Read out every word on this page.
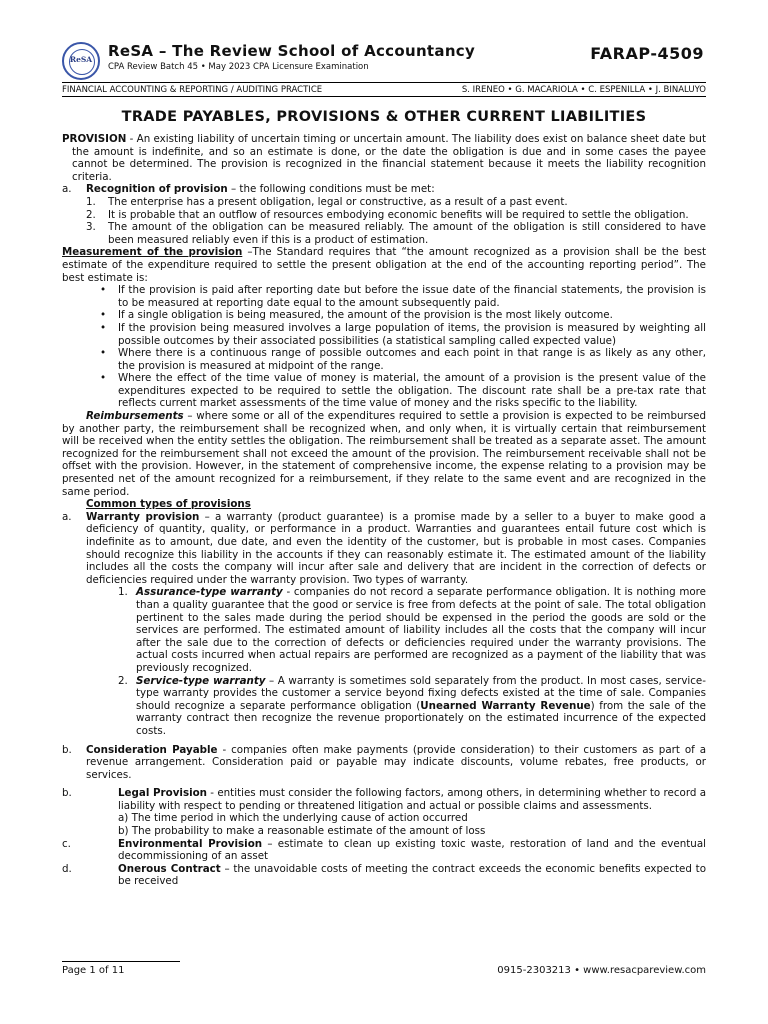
ReSA	ReSA – The Review School of Accountancy
CPA Review Batch 45 • May 2023 CPA Licensure Examination
FARAP-4509
FINANCIAL ACCOUNTING & REPORTING / AUDITING PRACTICE	S. IRENEO • G. MACARIOLA • C. ESPENILLA • J. BINALUYO
TRADE PAYABLES, PROVISIONS & OTHER CURRENT LIABILITIES

PROVISION - An existing liability of uncertain timing or uncertain amount. The liability does exist on balance sheet date but the amount is indefinite, and so an estimate is done, or the date the obligation is due and in some cases the payee cannot be determined. The provision is recognized in the financial statement because it meets the liability recognition criteria.

a.	Recognition of provision – the following conditions must be met:
1.	The enterprise has a present obligation, legal or constructive, as a result of a past event.
2.	It is probable that an outflow of resources embodying economic benefits will be required to settle the obligation.
3.	The amount of the obligation can be measured reliably. The amount of the obligation is still considered to have been measured reliably even if this is a product of estimation.

Measurement of the provision –The Standard requires that “the amount recognized as a provision shall be the best estimate of the expenditure required to settle the present obligation at the end of the accounting reporting period”. The best estimate is:

•	If the provision is paid after reporting date but before the issue date of the financial statements, the provision is to be measured at reporting date equal to the amount subsequently paid.
•	If a single obligation is being measured, the amount of the provision is the most likely outcome.
•	If the provision being measured involves a large population of items, the provision is measured by weighting all possible outcomes by their associated possibilities (a statistical sampling called expected value)
•	Where there is a continuous range of possible outcomes and each point in that range is as likely as any other, the provision is measured at midpoint of the range.
•	Where the effect of the time value of money is material, the amount of a provision is the present value of the expenditures expected to be required to settle the obligation. The discount rate shall be a pre-tax rate that reflects current market assessments of the time value of money and the risks specific to the liability.

Reimbursements – where some or all of the expenditures required to settle a provision is expected to be reimbursed by another party, the reimbursement shall be recognized when, and only when, it is virtually certain that reimbursement will be received when the entity settles the obligation. The reimbursement shall be treated as a separate asset. The amount recognized for the reimbursement shall not exceed the amount of the provision. The reimbursement receivable shall not be offset with the provision. However, in the statement of comprehensive income, the expense relating to a provision may be presented net of the amount recognized for a reimbursement, if they relate to the same event and are recognized in the same period.

Common types of provisions

a.	Warranty provision – a warranty (product guarantee) is a promise made by a seller to a buyer to make good a deficiency of quantity, quality, or performance in a product. Warranties and guarantees entail future cost which is indefinite as to amount, due date, and even the identity of the customer, but is probable in most cases. Companies should recognize this liability in the accounts if they can reasonably estimate it. The estimated amount of the liability includes all the costs the company will incur after sale and delivery that are incident in the correction of defects or deficiencies required under the warranty provision. Two types of warranty.
1. Assurance-type warranty - companies do not record a separate performance obligation. It is nothing more than a quality guarantee that the good or service is free from defects at the point of sale. The total obligation pertinent to the sales made during the period should be expensed in the period the goods are sold or the services are performed. The estimated amount of liability includes all the costs that the company will incur after the sale due to the correction of defects or deficiencies required under the warranty provisions. The actual costs incurred when actual repairs are performed are recognized as a payment of the liability that was previously recognized.
2. Service-type warranty – A warranty is sometimes sold separately from the product. In most cases, service-type warranty provides the customer a service beyond fixing defects existed at the time of sale. Companies should recognize a separate performance obligation (Unearned Warranty Revenue) from the sale of the warranty contract then recognize the revenue proportionately on the estimated incurrence of the expected costs.
b.	Consideration Payable - companies often make payments (provide consideration) to their customers as part of a revenue arrangement. Consideration paid or payable may indicate discounts, volume rebates, free products, or services.
b.	Legal Provision - entities must consider the following factors, among others, in determining whether to record a liability with respect to pending or threatened litigation and actual or possible claims and assessments.
a) The time period in which the underlying cause of action occurred
b) The probability to make a reasonable estimate of the amount of loss
c.	Environmental Provision – estimate to clean up existing toxic waste, restoration of land and the eventual decommissioning of an asset
d.	Onerous Contract – the unavoidable costs of meeting the contract exceeds the economic benefits expected to be received
Page 1 of 11	0915-2303213 • www.resacpareview.com
